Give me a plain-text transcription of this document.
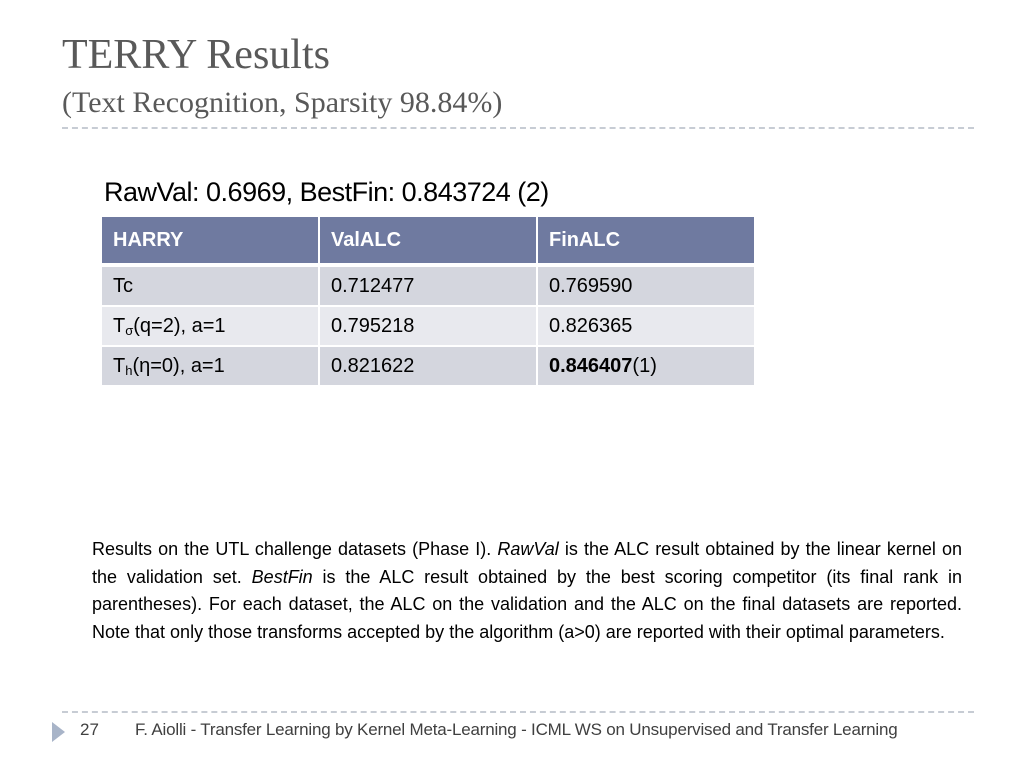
TERRY Results
(Text Recognition, Sparsity 98.84%)
RawVal: 0.6969, BestFin: 0.843724 (2)
HARRY	ValALC	FinALC
Tc	0.712477	0.769590
$T_\sigma(q=2)$, a=1	0.795218	0.826365
$T_h(\eta=0)$, a=1	0.821622	0.846407(1)
Results on the UTL challenge datasets (Phase I). RawVal is the ALC result obtained by the linear kernel on the validation set. BestFin is the ALC result obtained by the best scoring competitor (its final rank in parentheses). For each dataset, the ALC on the validation and the ALC on the final datasets are reported. Note that only those transforms accepted by the algorithm (a>0) are reported with their optimal parameters.
27 F. Aiolli - Transfer Learning by Kernel Meta-Learning - ICML WS on Unsupervised and Transfer Learning
